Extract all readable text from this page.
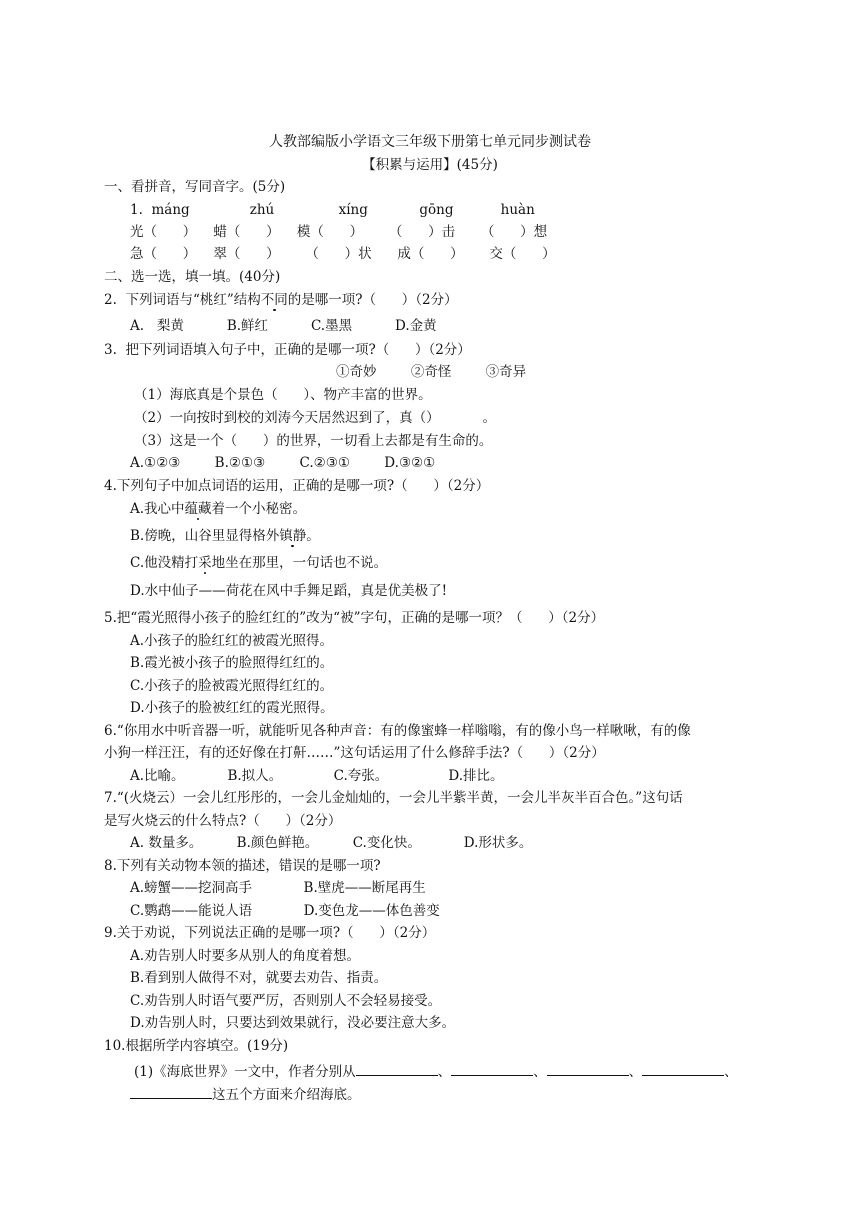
人教部编版小学语文三年级下册第七单元同步测试卷
【积累与运用】(45分)
一、看拼音，写同音字。(5分)
1.  máng              zhú               xíng            gōng           huàn
光（      ）    蜡（      ）    模（      ）      （      ）击      （      ）想
急（      ）    翠（      ）      （      ）状      成（      ）      交（      ）
二、选一选，填一填。(40分)
2.  下列词语与“桃红”结构不同的是哪一项?（      ）（2分）
A.   梨黄          B.鲜红          C.墨黑          D.金黄
3.  把下列词语填入句子中，正确的是哪一项?（      ）（2分）
①奇妙        ②奇怪        ③奇异
（1）海底真是个景色（      ）、物产丰富的世界。
（2）一向按时到校的刘涛今天居然迟到了，真（）          。
（3）这是一个（      ）的世界，一切看上去都是有生命的。
A.①②③        B.②①③        C.②③①        D.③②①
4.下列句子中加点词语的运用，正确的是哪一项?（      ）（2分）
A.我心中蕴藏着一个小秘密。
B.傍晚，山谷里显得格外镇静。
C.他没精打采地坐在那里，一句话也不说。
D.水中仙子——荷花在风中手舞足蹈，真是优美极了!
5.把“霞光照得小孩子的脸红红的”改为“被”字句，正确的是哪一项？（      ）（2分）
A.小孩子的脸红红的被霞光照得。
B.霞光被小孩子的脸照得红红的。
C.小孩子的脸被霞光照得红红的。
D.小孩子的脸被红红的霞光照得。
6.“你用水中听音器一听，就能听见各种声音：有的像蜜蜂一样嗡嗡，有的像小鸟一样啾啾，有的像
小狗一样汪汪，有的还好像在打鼾……”这句话运用了什么修辞手法?（      ）（2分）
A.比喻。          B.拟人。            C.夸张。              D.排比。
7.“(火烧云）一会儿红彤彤的，一会儿金灿灿的，一会儿半紫半黄，一会儿半灰半百合色。”这句话
是写火烧云的什么特点?（      ）（2分）
A. 数量多。        B.颜色鲜艳。        C.变化快。          D.形状多。
8.下列有关动物本领的描述，错误的是哪一项?
A.螃蟹——挖洞高手            B.壁虎——断尾再生
C.鹦鹉——能说人语            D.变色龙——体色善变
9.关于劝说，下列说法正确的是哪一项?（      ）（2分）
A.劝告别人时要多从别人的角度着想。
B.看到别人做得不对，就要去劝告、指责。
C.劝告别人时语气要严厉，否则别人不会轻易接受。
D.劝告别人时，只要达到效果就行，没必要注意大多。
10.根据所学内容填空。(19分)
(1)《海底世界》一文中，作者分别从	、	、	、	、
这五个方面来介绍海底。
